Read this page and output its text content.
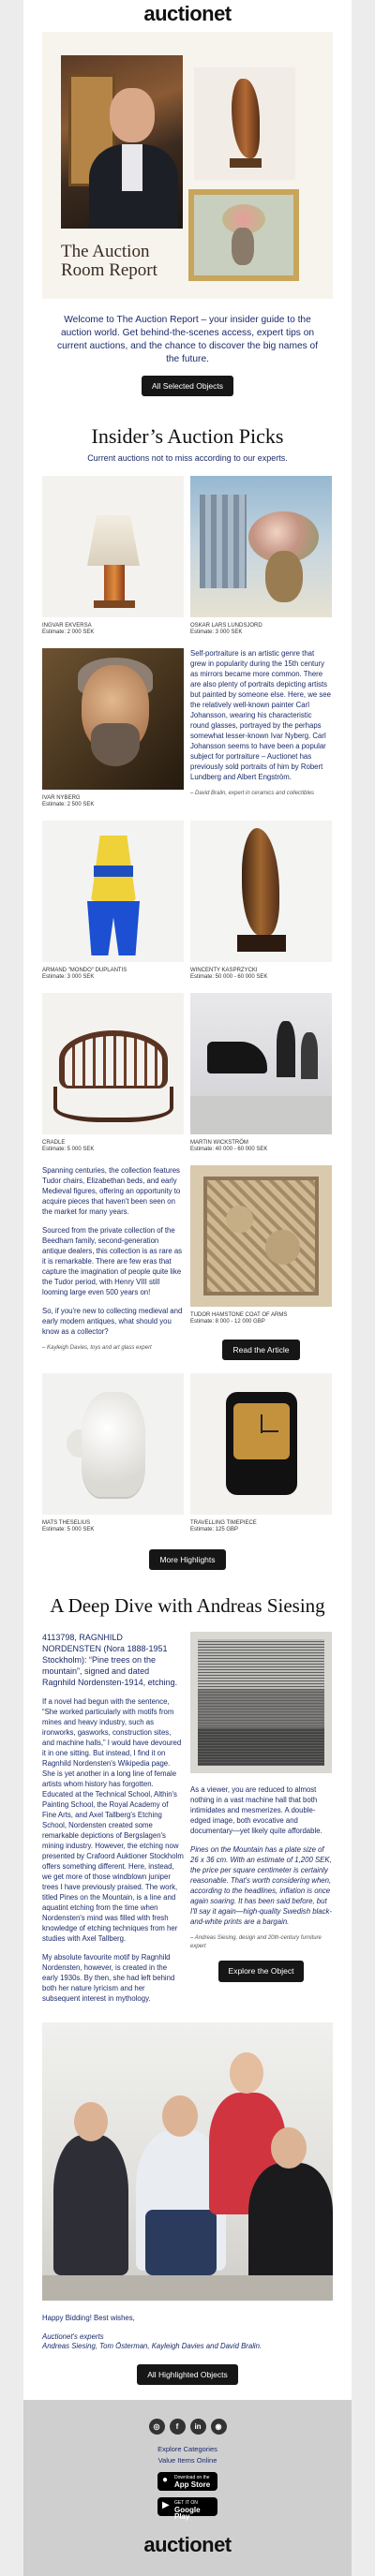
auctionet
The Auction Room Report

Welcome to The Auction Report – your insider guide to the auction world. Get behind-the-scenes access, expert tips on current auctions, and the chance to discover the big names of the future.

All Selected Objects
Insider’s Auction Picks

Current auctions not to miss according to our experts.

INGVAR EKVERSA
Estimate: 2 000 SEK
OSKAR LARS LUNDSJORD
Estimate: 3 000 SEK
IVAR NYBERG
Estimate: 2 500 SEK

Self-portraiture is an artistic genre that grew in popularity during the 15th century as mirrors became more common. There are also plenty of portraits depicting artists but painted by someone else. Here, we see the relatively well-known painter Carl Johansson, wearing his characteristic round glasses, portrayed by the perhaps somewhat lesser-known Ivar Nyberg. Carl Johansson seems to have been a popular subject for portraiture – Auctionet has previously sold portraits of him by Robert Lundberg and Albert Engström.

– David Bralin, expert in ceramics and collectibles

ARMAND "MONDO" DUPLANTIS
Estimate: 3 000 SEK
WINCENTY KASPRZYCKI
Estimate: 50 000 - 60 000 SEK
CRADLE
Estimate: 5 000 SEK
MARTIN WICKSTRÖM
Estimate: 40 000 - 60 000 SEK

Spanning centuries, the collection features Tudor chairs, Elizabethan beds, and early Medieval figures, offering an opportunity to acquire pieces that haven't been seen on the market for many years.

Sourced from the private collection of the Beedham family, second-generation antique dealers, this collection is as rare as it is remarkable. There are few eras that capture the imagination of people quite like the Tudor period, with Henry VIII still looming large even 500 years on!

So, if you're new to collecting medieval and early modern antiques, what should you know as a collector?

– Kayleigh Davies, toys and art glass expert

TUDOR HAMSTONE COAT OF ARMS
Estimate: 8 000 - 12 000 GBP
Read the Article
MATS THESELIUS
Estimate: 5 000 SEK
TRAVELLING TIMEPIECE
Estimate: 125 GBP
More Highlights
A Deep Dive with Andreas Siesing

4113798, RAGNHILD NORDENSTEN (Nora 1888-1951 Stockholm): “Pine trees on the mountain”, signed and dated Ragnhild Nordensten-1914, etching.

If a novel had begun with the sentence, “She worked particularly with motifs from mines and heavy industry, such as ironworks, gasworks, construction sites, and machine halls,” I would have devoured it in one sitting. But instead, I find it on Ragnhild Nordensten's Wikipedia page. She is yet another in a long line of female artists whom history has forgotten. Educated at the Technical School, Althin's Painting School, the Royal Academy of Fine Arts, and Axel Tallberg's Etching School, Nordensten created some remarkable depictions of Bergslagen's mining industry. However, the etching now presented by Crafoord Auktioner Stockholm offers something different. Here, instead, we get more of those windblown juniper trees I have previously praised. The work, titled Pines on the Mountain, is a line and aquatint etching from the time when Nordensten's mind was filled with fresh knowledge of etching techniques from her studies with Axel Tallberg.

My absolute favourite motif by Ragnhild Nordensten, however, is created in the early 1930s. By then, she had left behind both her nature lyricism and her subsequent interest in mythology.

As a viewer, you are reduced to almost nothing in a vast machine hall that both intimidates and mesmerizes. A double-edged image, both evocative and documentary—yet likely quite affordable.

Pines on the Mountain has a plate size of 26 x 36 cm. With an estimate of 1,200 SEK, the price per square centimeter is certainly reasonable. That's worth considering when, according to the headlines, inflation is once again soaring. It has been said before, but I'll say it again—high-quality Swedish black-and-white prints are a bargain.

– Andreas Siesing, design and 20th-century furniture expert

Explore the Object

Happy Bidding! Best wishes,

Auctionet's experts

Andreas Siesing, Tom Österman, Kayleigh Davies and David Bralin.

All Highlighted Objects
◎	f	in	◉
Explore Categories
Value Items Online
● Download on the
App Store
▶ GET IT ON
Google Play
auctionet
